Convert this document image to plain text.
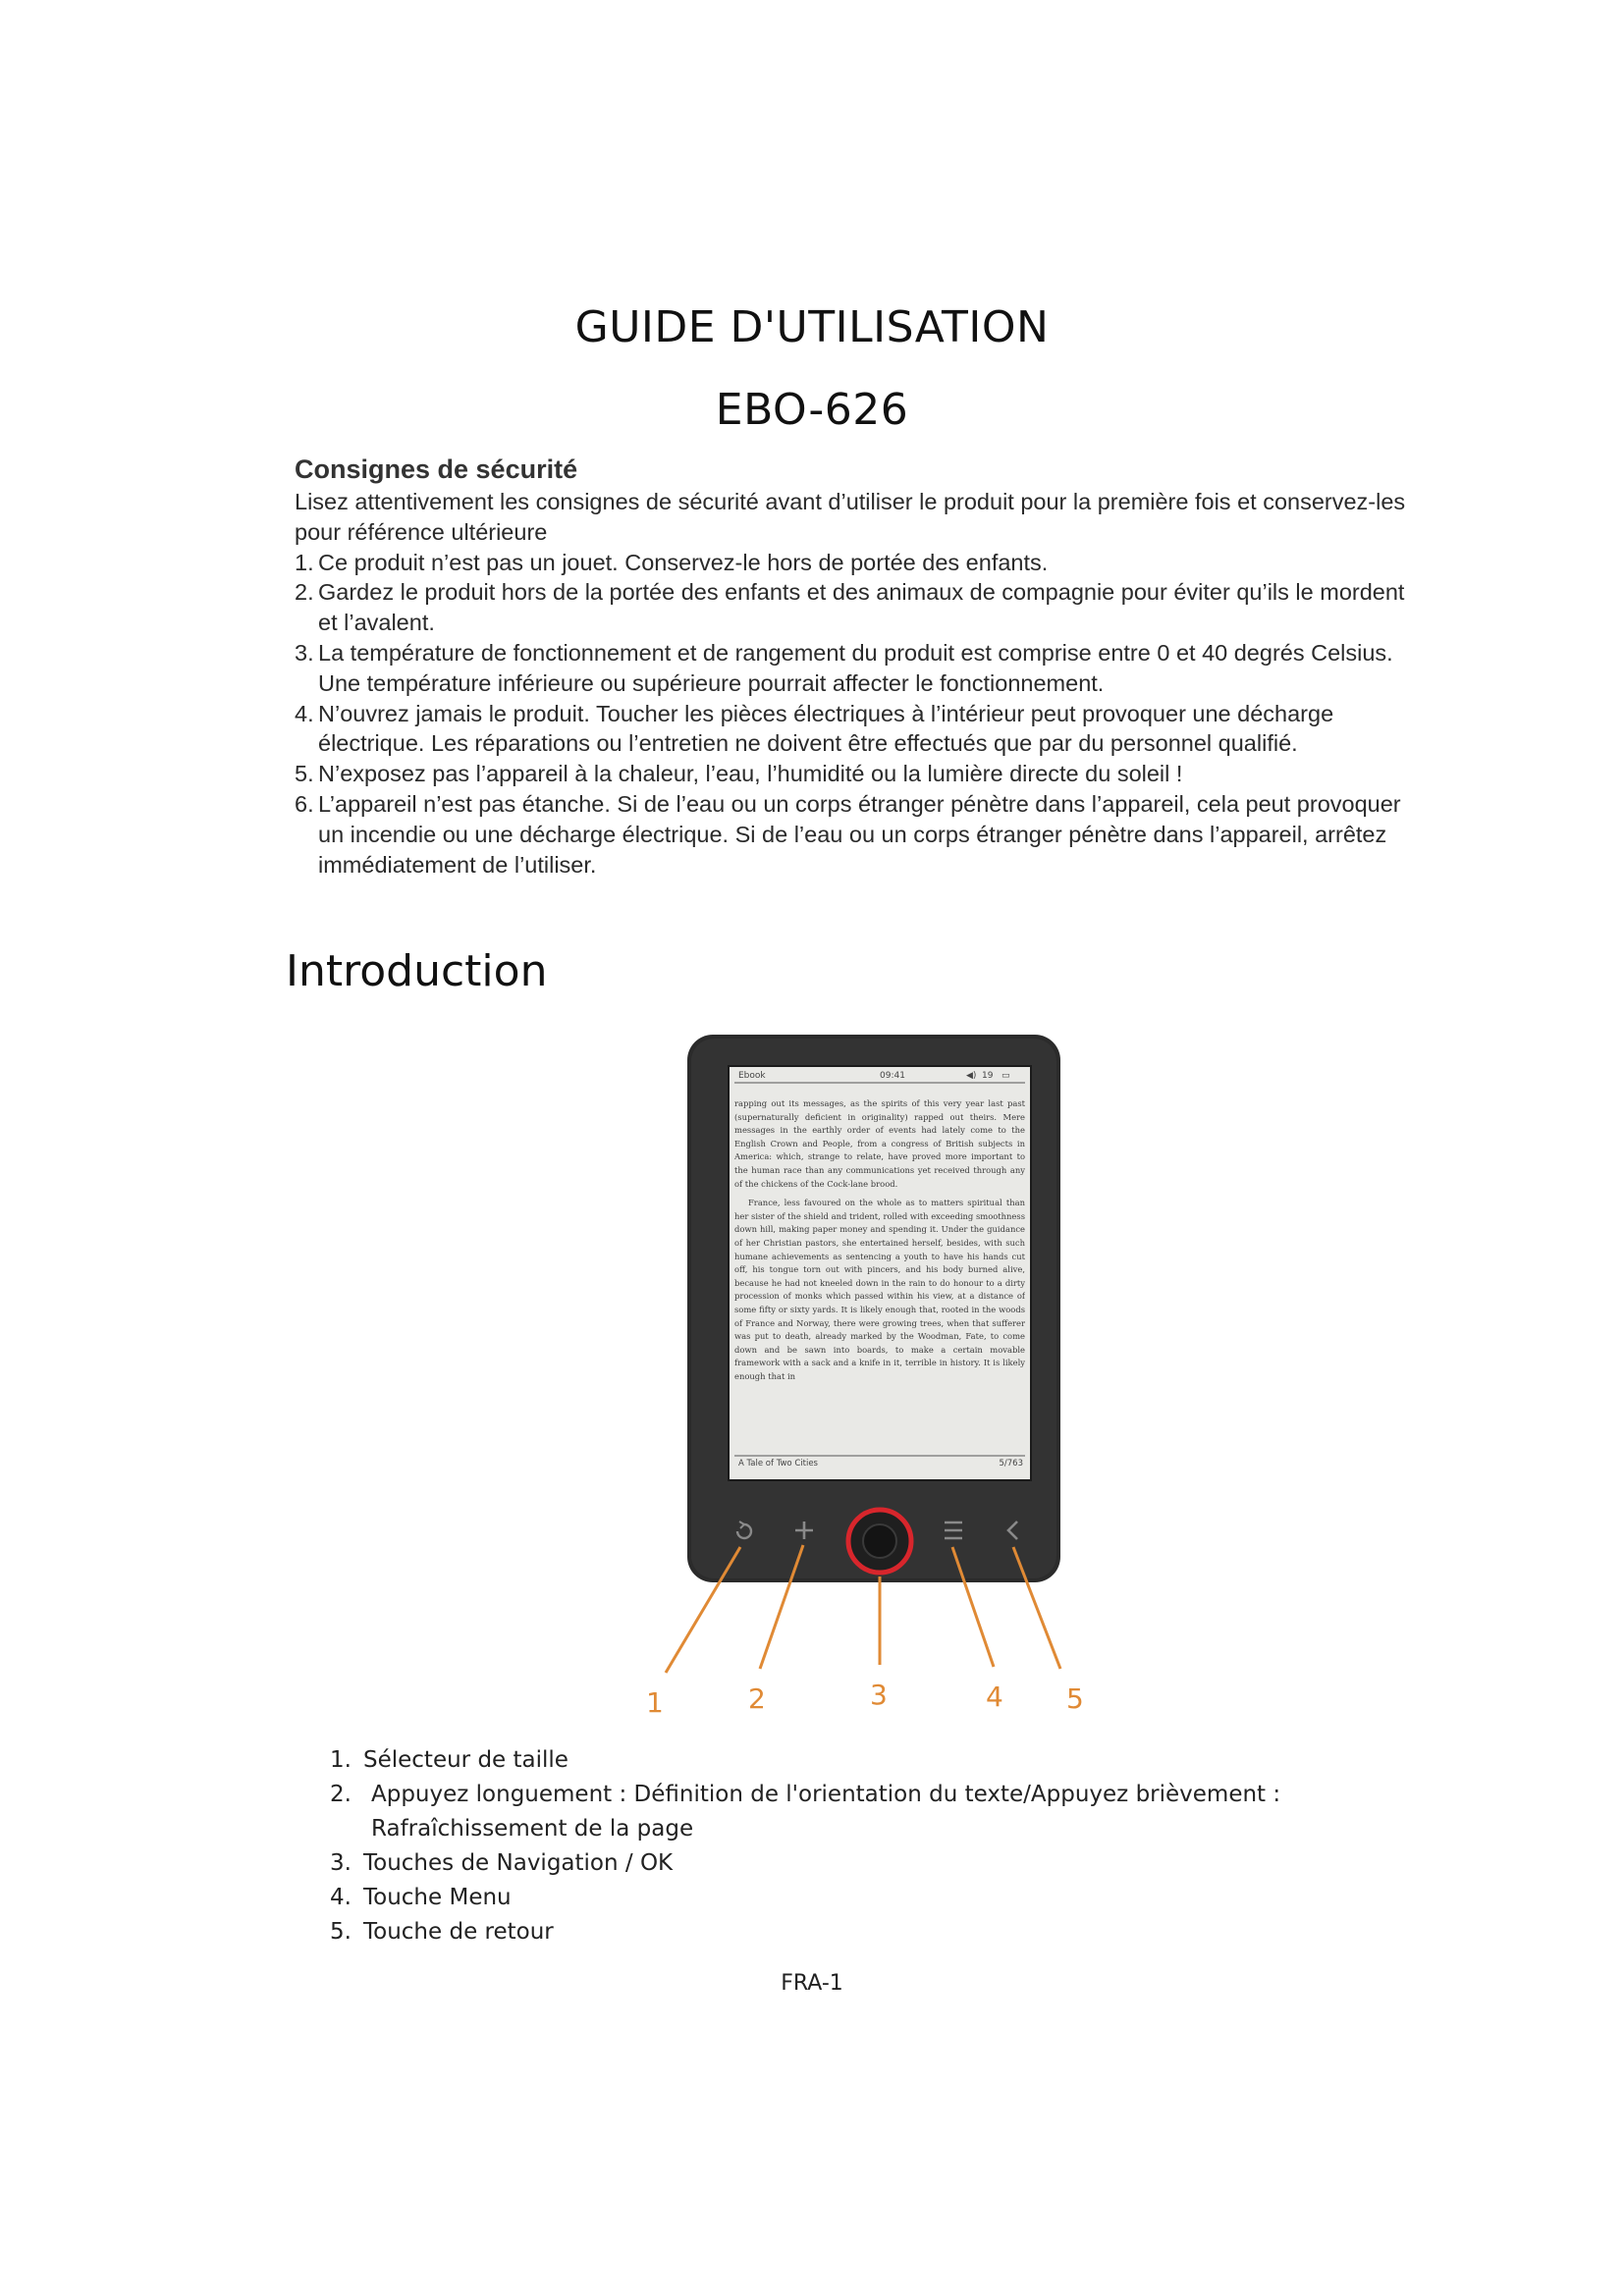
GUIDE D'UTILISATION
EBO-626
Consignes de sécurité

Lisez attentivement les consignes de sécurité avant d’utiliser le produit pour la première fois et conservez-les pour référence ultérieure

1. Ce produit n’est pas un jouet. Conservez-le hors de portée des enfants.
2. Gardez le produit hors de la portée des enfants et des animaux de compagnie pour éviter qu’ils le mordent et l’avalent.
3. La température de fonctionnement et de rangement du produit est comprise entre 0 et 40 degrés Celsius. Une température inférieure ou supérieure pourrait affecter le fonctionnement.
4. N’ouvrez jamais le produit. Toucher les pièces électriques à l’intérieur peut provoquer une décharge électrique. Les réparations ou l’entretien ne doivent être effectués que par du personnel qualifié.
5. N’exposez pas l’appareil à la chaleur, l’eau, l’humidité ou la lumière directe du soleil !
6. L’appareil n’est pas étanche. Si de l’eau ou un corps étranger pénètre dans l’appareil, cela peut provoquer un incendie ou une décharge électrique. Si de l’eau ou un corps étranger pénètre dans l’appareil, arrêtez immédiatement de l’utiliser.
Introduction
Ebook	09:41	◀) 19 ▭

rapping out its messages, as the spirits of this very year last past (supernaturally deficient in originality) rapped out theirs. Mere messages in the earthly order of events had lately come to the English Crown and People, from a congress of British subjects in America: which, strange to relate, have proved more important to the human race than any communications yet received through any of the chickens of the Cock-lane brood.

France, less favoured on the whole as to matters spiritual than her sister of the shield and trident, rolled with exceeding smoothness down hill, making paper money and spending it. Under the guidance of her Christian pastors, she entertained herself, besides, with such humane achievements as sentencing a youth to have his hands cut off, his tongue torn out with pincers, and his body burned alive, because he had not kneeled down in the rain to do honour to a dirty procession of monks which passed within his view, at a distance of some fifty or sixty yards. It is likely enough that, rooted in the woods of France and Norway, there were growing trees, when that sufferer was put to death, already marked by the Woodman, Fate, to come down and be sawn into boards, to make a certain movable framework with a sack and a knife in it, terrible in history. It is likely enough that in

A Tale of Two Cities	5/763
1	2	3	4 5
1. Sélecteur de taille
2. Appuyez longuement : Définition de l'orientation du texte/Appuyez brièvement : Rafraîchissement de la page
3. Touches de Navigation / OK
4. Touche Menu
5. Touche de retour
FRA-1
